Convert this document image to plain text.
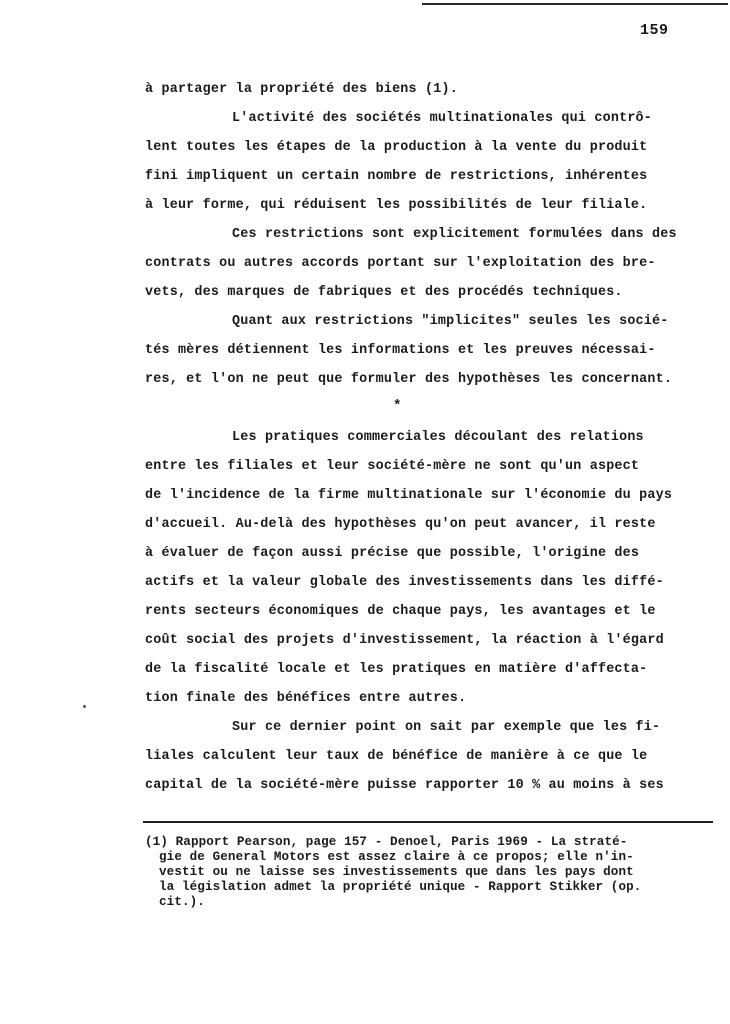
159
à partager la propriété des biens (1).
L'activité des sociétés multinationales qui contrô-
lent toutes les étapes de la production à la vente du produit
fini impliquent un certain nombre de restrictions, inhérentes
à leur forme, qui réduisent les possibilités de leur filiale.
Ces restrictions sont explicitement formulées dans des
contrats ou autres accords portant sur l'exploitation des bre-
vets, des marques de fabriques et des procédés techniques.
Quant aux restrictions "implicites" seules les socié-
tés mères détiennent les informations et les preuves nécessai-
res, et l'on ne peut que formuler des hypothèses les concernant.
Les pratiques commerciales découlant des relations
entre les filiales et leur société-mère ne sont qu'un aspect
de l'incidence de la firme multinationale sur l'économie du pays
d'accueil. Au-delà des hypothèses qu'on peut avancer, il reste
à évaluer de façon aussi précise que possible, l'origine des
actifs et la valeur globale des investissements dans les diffé-
rents secteurs économiques de chaque pays, les avantages et le
coût social des projets d'investissement, la réaction à l'égard
de la fiscalité locale et les pratiques en matière d'affecta-
tion finale des bénéfices entre autres.
Sur ce dernier point on sait par exemple que les fi-
liales calculent leur taux de bénéfice de manière à ce que le
capital de la société-mère puisse rapporter 10 % au moins à ses
*
(1) Rapport Pearson, page 157 - Denoel, Paris 1969 - La straté-
gie de General Motors est assez claire à ce propos; elle n'in-
vestit ou ne laisse ses investissements que dans les pays dont
la législation admet la propriété unique - Rapport Stikker (op.
cit.).
